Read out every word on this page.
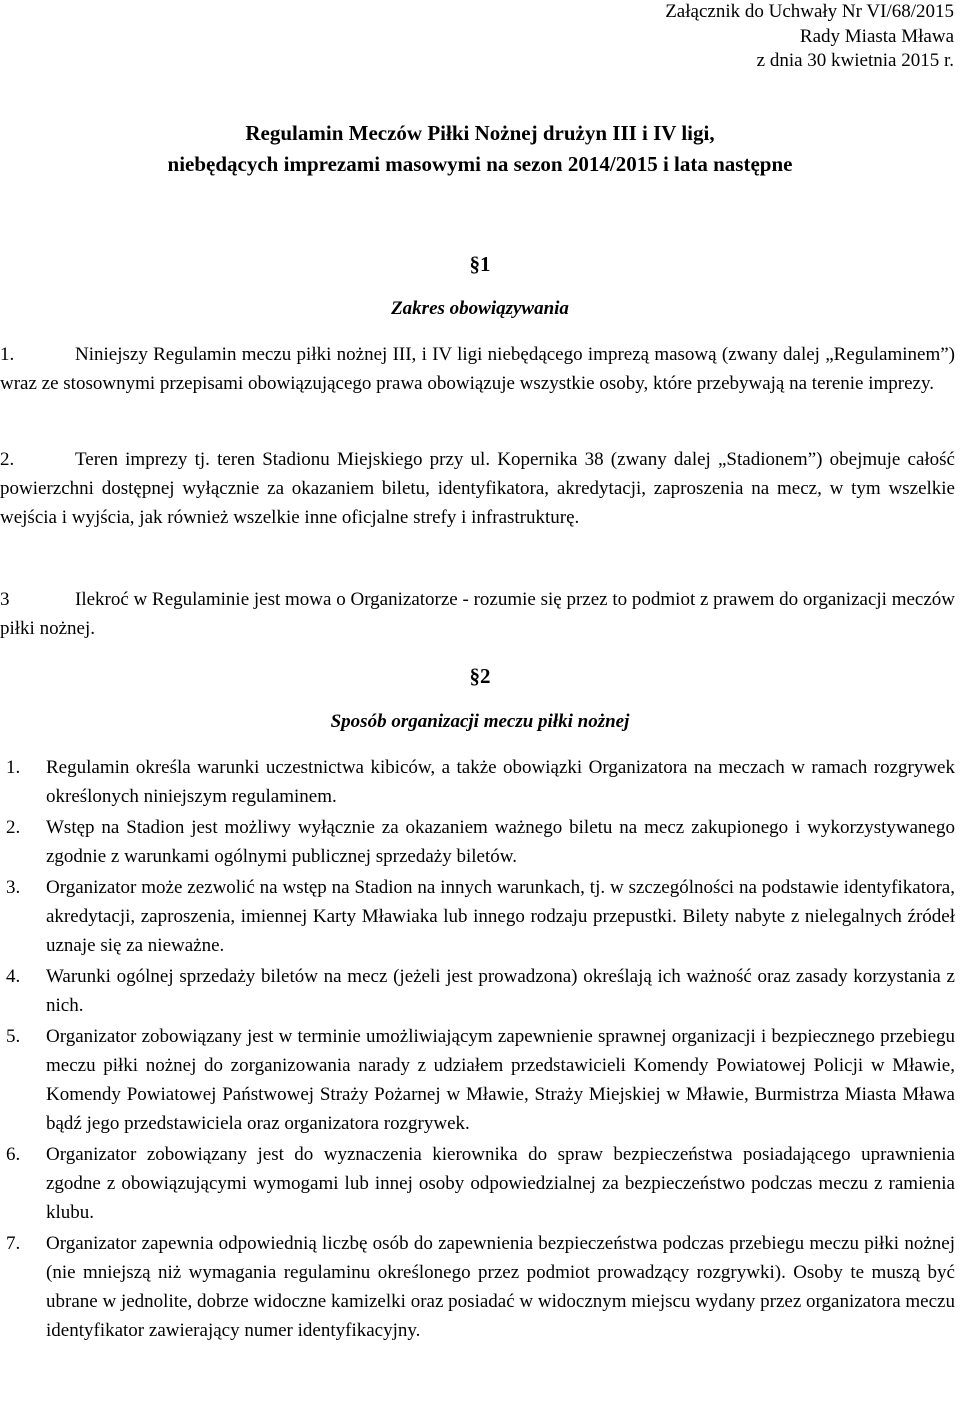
Załącznik do Uchwały Nr VI/68/2015
Rady Miasta Mława
z dnia 30 kwietnia 2015 r.
Regulamin Meczów Piłki Nożnej drużyn III i IV ligi,
niebędących imprezami masowymi na sezon 2014/2015 i lata następne
§1
Zakres obowiązywania
1.	Niniejszy Regulamin meczu piłki nożnej III, i IV ligi niebędącego imprezą masową (zwany dalej „Regulaminem”) wraz ze stosownymi przepisami obowiązującego prawa obowiązuje wszystkie osoby, które przebywają na terenie imprezy.
2.	Teren imprezy tj. teren Stadionu Miejskiego przy ul. Kopernika 38 (zwany dalej „Stadionem”) obejmuje całość powierzchni dostępnej wyłącznie za okazaniem biletu, identyfikatora, akredytacji, zaproszenia na mecz, w tym wszelkie wejścia i wyjścia, jak również wszelkie inne oficjalne strefy i infrastrukturę.
3	Ilekroć w Regulaminie jest mowa o Organizatorze - rozumie się przez to podmiot z prawem do organizacji meczów piłki nożnej.
§2
Sposób organizacji meczu piłki nożnej
1. Regulamin określa warunki uczestnictwa kibiców, a także obowiązki Organizatora na meczach w ramach rozgrywek określonych niniejszym regulaminem.
2. Wstęp na Stadion jest możliwy wyłącznie za okazaniem ważnego biletu na mecz zakupionego i wykorzystywanego zgodnie z warunkami ogólnymi publicznej sprzedaży biletów.
3. Organizator może zezwolić na wstęp na Stadion na innych warunkach, tj. w szczególności na podstawie identyfikatora, akredytacji, zaproszenia, imiennej Karty Mławiaka lub innego rodzaju przepustki. Bilety nabyte z nielegalnych źródeł uznaje się za nieważne.
4. Warunki ogólnej sprzedaży biletów na mecz (jeżeli jest prowadzona) określają ich ważność oraz zasady korzystania z nich.
5. Organizator zobowiązany jest w terminie umożliwiającym zapewnienie sprawnej organizacji i bezpiecznego przebiegu meczu piłki nożnej do zorganizowania narady z udziałem przedstawicieli Komendy Powiatowej Policji w Mławie, Komendy Powiatowej Państwowej Straży Pożarnej w Mławie, Straży Miejskiej w Mławie, Burmistrza Miasta Mława bądź jego przedstawiciela oraz organizatora rozgrywek.
6. Organizator zobowiązany jest do wyznaczenia kierownika do spraw bezpieczeństwa posiadającego uprawnienia zgodne z obowiązującymi wymogami lub innej osoby odpowiedzialnej za bezpieczeństwo podczas meczu z ramienia klubu.
7. Organizator zapewnia odpowiednią liczbę osób do zapewnienia bezpieczeństwa podczas przebiegu meczu piłki nożnej (nie mniejszą niż wymagania regulaminu określonego przez podmiot prowadzący rozgrywki). Osoby te muszą być ubrane w jednolite, dobrze widoczne kamizelki oraz posiadać w widocznym miejscu wydany przez organizatora meczu identyfikator zawierający numer identyfikacyjny.
